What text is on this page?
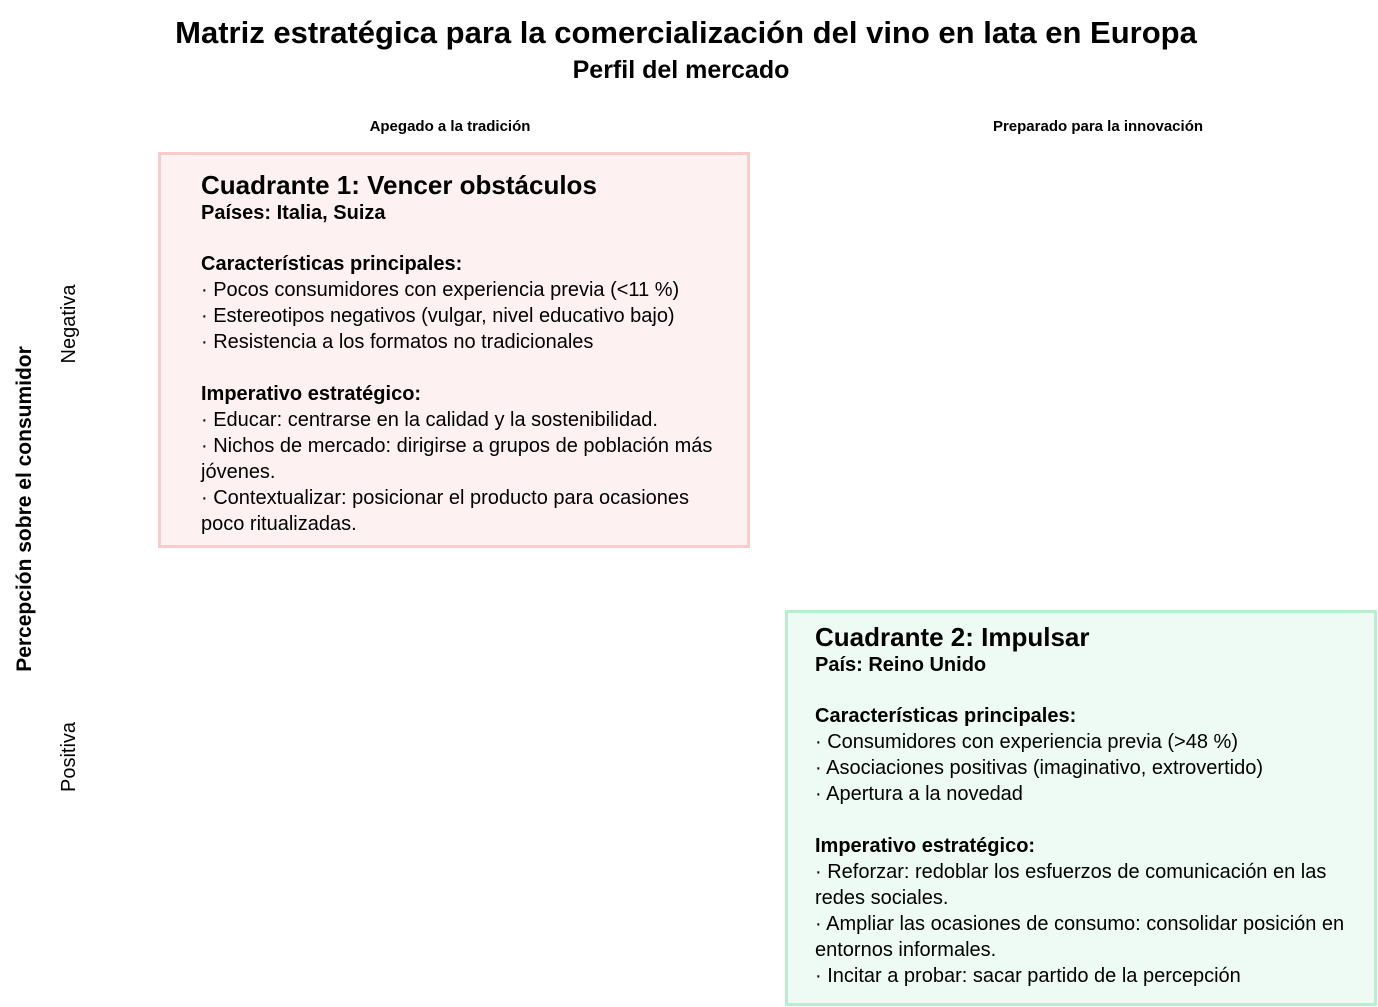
Matriz estratégica para la comercialización del vino en lata en Europa
Perfil del mercado
Apegado a la tradición	Preparado para la innovación
Percepción sobre el consumidor
Negativa
Positiva
Cuadrante 1: Vencer obstáculos
Países: Italia, Suiza
Características principales:
· Pocos consumidores con experiencia previa (<11 %)
· Estereotipos negativos (vulgar, nivel educativo bajo)
· Resistencia a los formatos no tradicionales
Imperativo estratégico:
· Educar: centrarse en la calidad y la sostenibilidad.
· Nichos de mercado: dirigirse a grupos de población más jóvenes.
· Contextualizar: posicionar el producto para ocasiones poco ritualizadas.
Cuadrante 2: Impulsar
País: Reino Unido
Características principales:
· Consumidores con experiencia previa (>48 %)
· Asociaciones positivas (imaginativo, extrovertido)
· Apertura a la novedad
Imperativo estratégico:
· Reforzar: redoblar los esfuerzos de comunicación en las redes sociales.
· Ampliar las ocasiones de consumo: consolidar posición en entornos informales.
· Incitar a probar: sacar partido de la percepción
